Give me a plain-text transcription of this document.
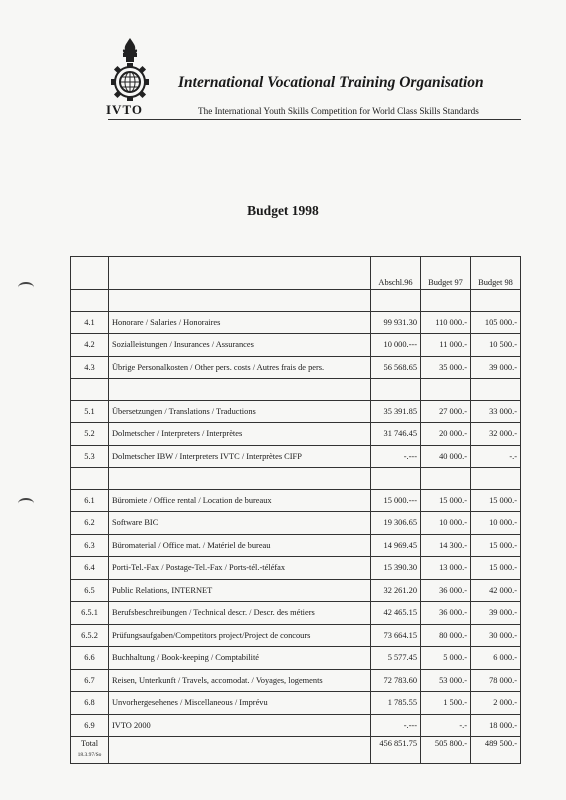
IVTO
International Vocational Training Organisation
The International Youth Skills Competition for World Class Skills Standards
Budget 1998
		Abschl.96	Budget 97	Budget 98

4.1	Honorare / Salaries / Honoraires	99 931.30	110 000.-	105 000.-
4.2	Sozialleistungen / Insurances / Assurances	10 000.---	11 000.-	10 500.-
4.3	Übrige Personalkosten / Other pers. costs / Autres frais de pers.	56 568.65	35 000.-	39 000.-

5.1	Übersetzungen / Translations / Traductions	35 391.85	27 000.-	33 000.-
5.2	Dolmetscher / Interpreters / Interprètes	31 746.45	20 000.-	32 000.-
5.3	Dolmetscher IBW / Interpreters IVTC / Interprètes CIFP	-.---	40 000.-	-.-

6.1	Büromiete / Office rental / Location de bureaux	15 000.---	15 000.-	15 000.-
6.2	Software BIC	19 306.65	10 000.-	10 000.-
6.3	Büromaterial / Office mat. / Matériel de bureau	14 969.45	14 300.-	15 000.-
6.4	Porti-Tel.-Fax / Postage-Tel.-Fax / Ports-tél.-téléfax	15 390.30	13 000.-	15 000.-
6.5	Public Relations, INTERNET	32 261.20	36 000.-	42 000.-
6.5.1	Berufsbeschreibungen / Technical descr. / Descr. des métiers	42 465.15	36 000.-	39 000.-
6.5.2	Prüfungsaufgaben/Competitors project/Project de concours	73 664.15	80 000.-	30 000.-
6.6	Buchhaltung / Book-keeping / Comptabilité	5 577.45	5 000.-	6 000.-
6.7	Reisen, Unterkunft / Travels, accomodat. / Voyages, logements	72 783.60	53 000.-	78 000.-
6.8	Unvorhergesehenes / Miscellaneous / Imprévu	1 785.55	1 500.-	2 000.-
6.9	IVTO 2000	-.---	-.-	18 000.-

Total
18.3.97/So		456 851.75	505 800.-	489 500.-
